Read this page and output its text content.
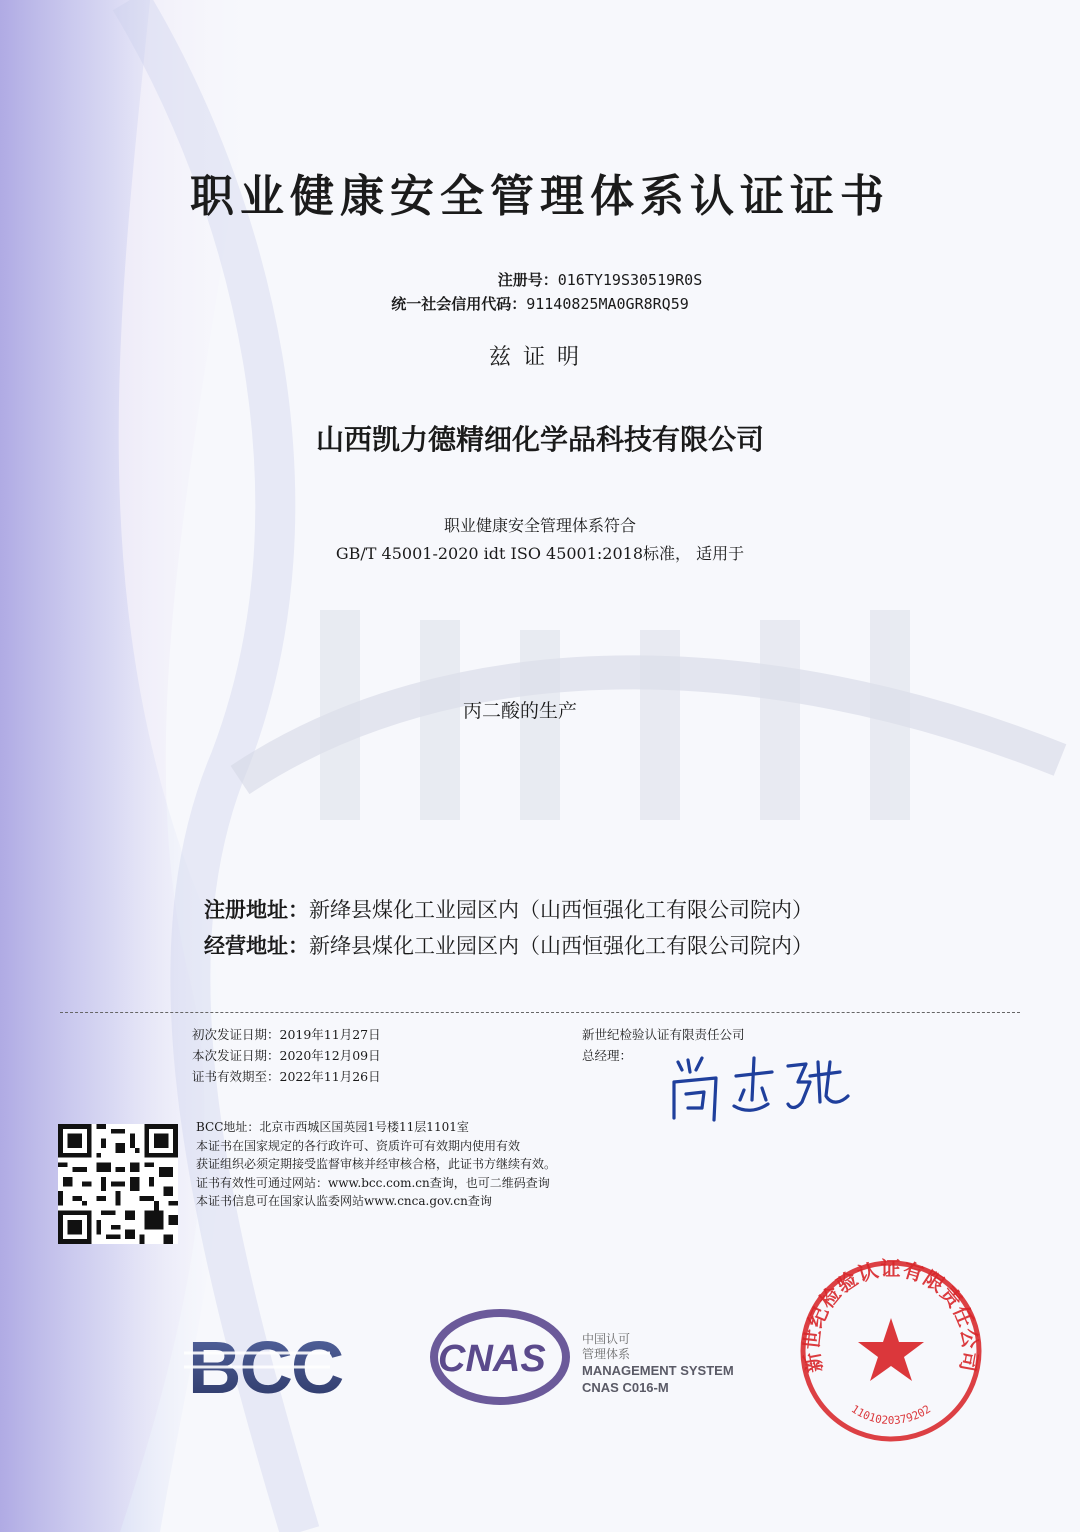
职业健康安全管理体系认证证书
注册号：016TY19S30519R0S
统一社会信用代码：91140825MA0GR8RQ59
兹证明
山西凯力德精细化学品科技有限公司
职业健康安全管理体系符合
GB/T 45001-2020 idt ISO 45001:2018标准， 适用于
丙二酸的生产
注册地址：新绛县煤化工业园区内（山西恒强化工有限公司院内）
经营地址：新绛县煤化工业园区内（山西恒强化工有限公司院内）
初次发证日期：2019年11月27日
本次发证日期：2020年12月09日
证书有效期至：2022年11月26日
新世纪检验认证有限责任公司
总经理：
BCC地址：北京市西城区国英园1号楼11层1101室
本证书在国家规定的各行政许可、资质许可有效期内使用有效
获证组织必须定期接受监督审核并经审核合格，此证书方继续有效。
证书有效性可通过网站：www.bcc.com.cn查询，也可二维码查询
本证书信息可在国家认监委网站www.cnca.gov.cn查询
BCC	CNAS	中国认可
管理体系
MANAGEMENT SYSTEM
CNAS C016-M
新世纪检验认证有限责任公司
1101020379202
